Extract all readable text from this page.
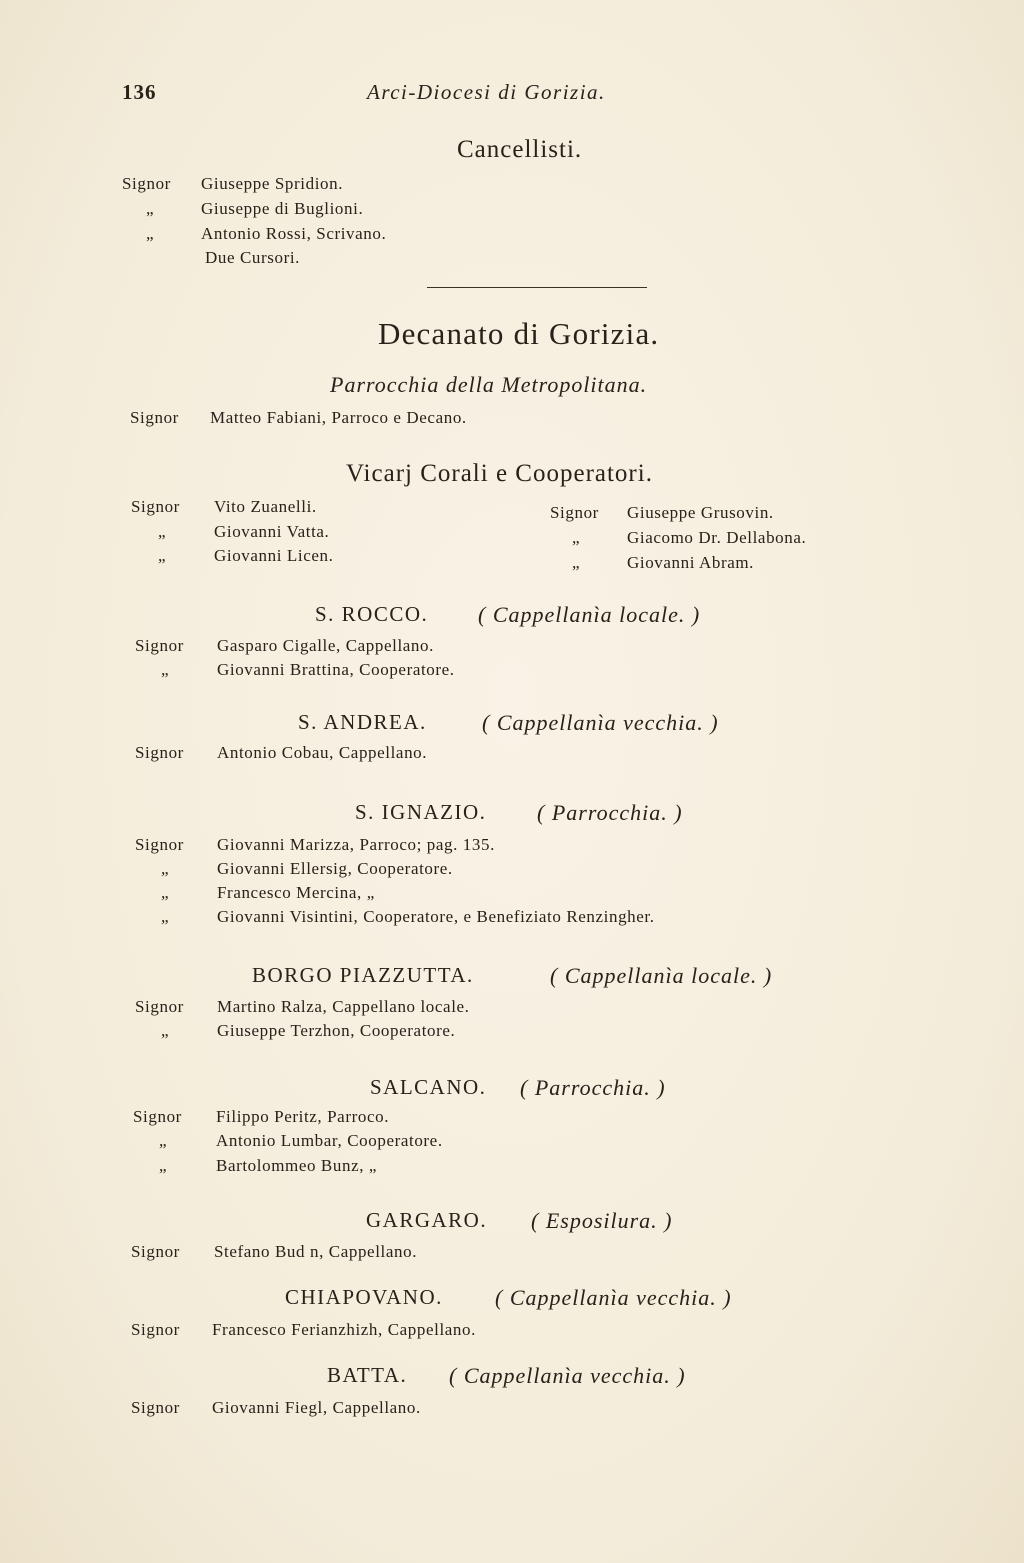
136	Arci-Diocesi di Gorizia.
Cancellisti.
Signor Giuseppe Spridion.
„	Giuseppe di Buglioni.
„	Antonio Rossi, Scrivano.
Due Cursori.
Decanato di Gorizia.
Parrocchia della Metropolitana.
Signor Matteo Fabiani, Parroco e Decano.
Vicarj Corali e Cooperatori.
Signor Vito Zuanelli.
„	Giovanni Vatta.
„	Giovanni Licen.
Signor Giuseppe Grusovin.
„	Giacomo Dr. Dellabona.
„	Giovanni Abram.
S. ROCCO. ( Cappellanìa locale. )
Signor Gasparo Cigalle, Cappellano.
„	Giovanni Brattina, Cooperatore.
S. ANDREA.	( Cappellanìa vecchia. )
Signor Antonio Cobau, Cappellano.
S. IGNAZIO. ( Parrocchia. )
Signor Giovanni Marizza, Parroco; pag. 135.
„	Giovanni Ellersig, Cooperatore.
„	Francesco Mercina, „
„	Giovanni Visintini, Cooperatore, e Benefiziato Renzingher.
BORGO PIAZZUTTA.	( Cappellanìa locale. )
Signor Martino Ralza, Cappellano locale.
„	Giuseppe Terzhon, Cooperatore.
SALCANO. ( Parrocchia. )
Signor Filippo Peritz, Parroco.
„	Antonio Lumbar, Cooperatore.
„	Bartolommeo Bunz, „
GARGARO. ( Esposilura. )
Signor Stefano Bud n, Cappellano.
CHIAPOVANO. ( Cappellanìa vecchia. )
Signor Francesco Ferianzhizh, Cappellano.
BATTA. ( Cappellanìa vecchia. )
Signor Giovanni Fiegl, Cappellano.
